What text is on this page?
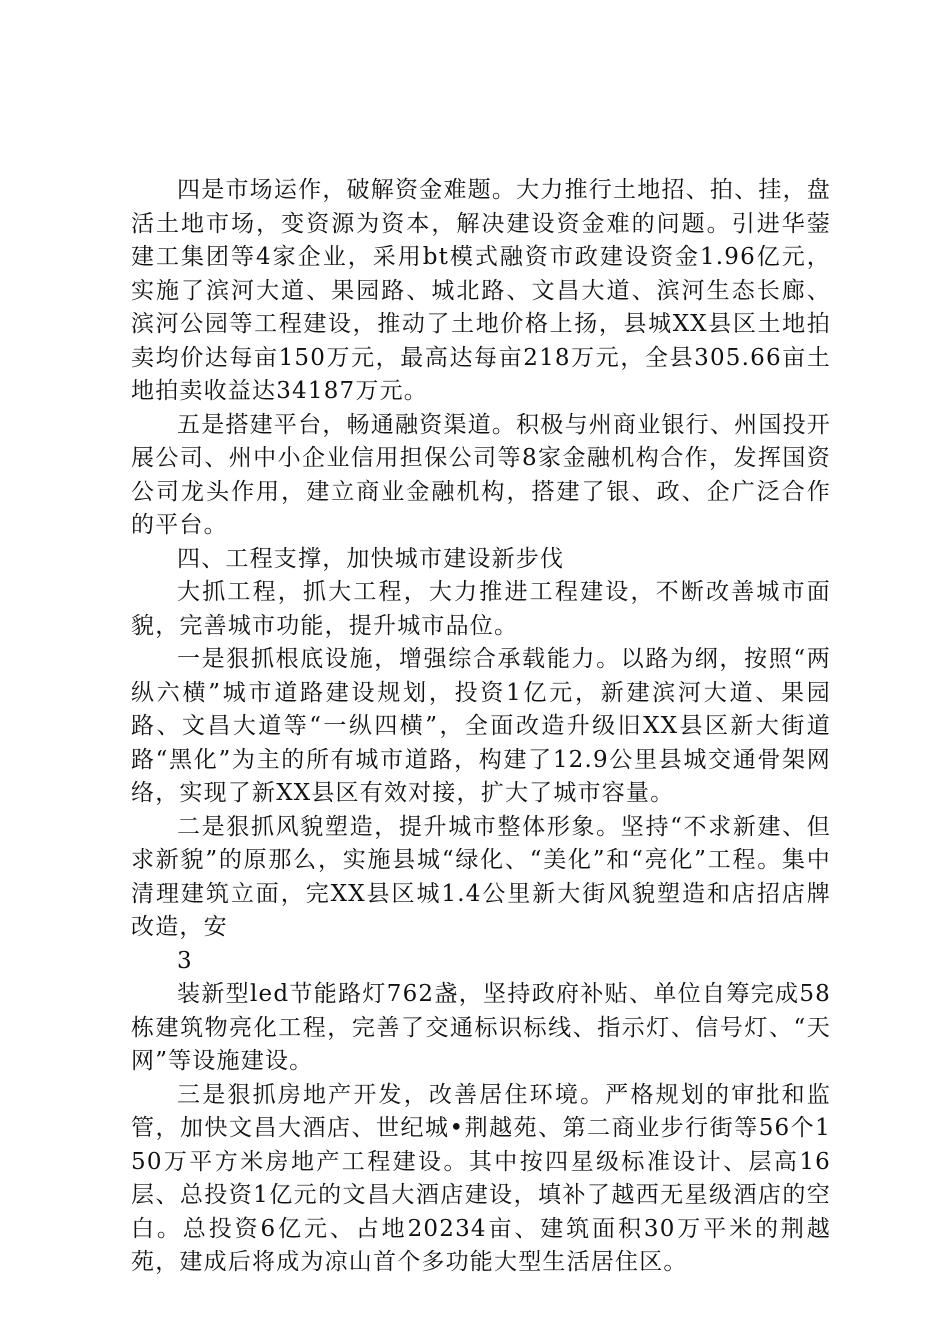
四是市场运作，破解资金难题。大力推行土地招、拍、挂，盘活土地市场，变资源为资本，解决建设资金难的问题。引进华蓥建工集团等4家企业，采用bt模式融资市政建设资金1.96亿元，实施了滨河大道、果园路、城北路、文昌大道、滨河生态长廊、滨河公园等工程建设，推动了土地价格上扬，县城XX县区土地拍卖均价达每亩150万元，最高达每亩218万元，全县305.66亩土地拍卖收益达34187万元。

五是搭建平台，畅通融资渠道。积极与州商业银行、州国投开展公司、州中小企业信用担保公司等8家金融机构合作，发挥国资公司龙头作用，建立商业金融机构，搭建了银、政、企广泛合作的平台。

四、工程支撑，加快城市建设新步伐

大抓工程，抓大工程，大力推进工程建设，不断改善城市面貌，完善城市功能，提升城市品位。

一是狠抓根底设施，增强综合承载能力。以路为纲，按照“两纵六横”城市道路建设规划，投资1亿元，新建滨河大道、果园路、文昌大道等“一纵四横”，全面改造升级旧XX县区新大街道路“黑化”为主的所有城市道路，构建了12.9公里县城交通骨架网络，实现了新XX县区有效对接，扩大了城市容量。

二是狠抓风貌塑造，提升城市整体形象。坚持“不求新建、但求新貌”的原那么，实施县城“绿化、“美化”和“亮化”工程。集中清理建筑立面，完XX县区城1.4公里新大街风貌塑造和店招店牌改造，安

3

装新型led节能路灯762盏，坚持政府补贴、单位自筹完成58栋建筑物亮化工程，完善了交通标识标线、指示灯、信号灯、“天网”等设施建设。

三是狠抓房地产开发，改善居住环境。严格规划的审批和监管，加快文昌大酒店、世纪城•荆越苑、第二商业步行街等56个150万平方米房地产工程建设。其中按四星级标准设计、层高16层、总投资1亿元的文昌大酒店建设，填补了越西无星级酒店的空白。总投资6亿元、占地20234亩、建筑面积30万平米的荆越苑，建成后将成为凉山首个多功能大型生活居住区。
